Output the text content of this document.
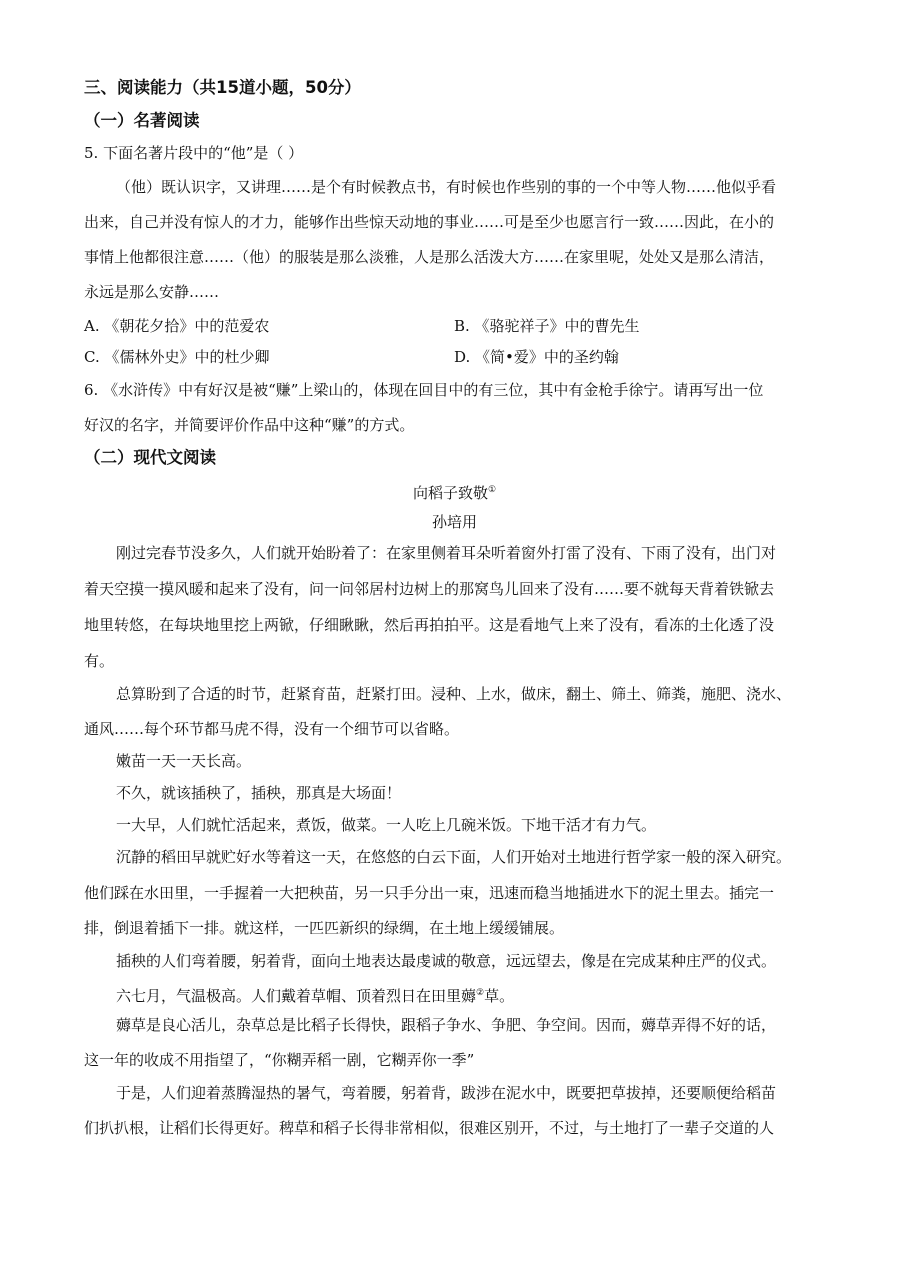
三、阅读能力（共15道小题，50分）
（一）名著阅读
5. 下面名著片段中的“他”是（ ）
（他）既认识字，又讲理……是个有时候教点书，有时候也作些别的事的一个中等人物……他似乎看
出来，自己并没有惊人的才力，能够作出些惊天动地的事业……可是至少也愿言行一致……因此，在小的
事情上他都很注意……（他）的服装是那么淡雅，人是那么活泼大方……在家里呢，处处又是那么清洁，
永远是那么安静……
A. 《朝花夕拾》中的范爱农	B. 《骆驼祥子》中的曹先生
C. 《儒林外史》中的杜少卿	D. 《简•爱》中的圣约翰
6. 《水浒传》中有好汉是被“赚”上梁山的，体现在回目中的有三位，其中有金枪手徐宁。请再写出一位
好汉的名字，并简要评价作品中这种“赚”的方式。
（二）现代文阅读
向稻子致敬①
孙培用
刚过完春节没多久，人们就开始盼着了：在家里侧着耳朵听着窗外打雷了没有、下雨了没有，出门对
着天空摸一摸风暖和起来了没有，问一问邻居村边树上的那窝鸟儿回来了没有……要不就每天背着铁锨去
地里转悠，在每块地里挖上两锨，仔细瞅瞅，然后再拍拍平。这是看地气上来了没有，看冻的土化透了没
有。
总算盼到了合适的时节，赶紧育苗，赶紧打田。浸种、上水，做床，翻土、筛土、筛粪，施肥、浇水、
通风……每个环节都马虎不得，没有一个细节可以省略。
嫩苗一天一天长高。
不久，就该插秧了，插秧，那真是大场面！
一大早，人们就忙活起来，煮饭，做菜。一人吃上几碗米饭。下地干活才有力气。
沉静的稻田早就贮好水等着这一天，在悠悠的白云下面，人们开始对土地进行哲学家一般的深入研究。
他们踩在水田里，一手握着一大把秧苗，另一只手分出一束，迅速而稳当地插进水下的泥土里去。插完一
排，倒退着插下一排。就这样，一匹匹新织的绿绸，在土地上缓缓铺展。
插秧的人们弯着腰，躬着背，面向土地表达最虔诚的敬意，远远望去，像是在完成某种庄严的仪式。
六七月，气温极高。人们戴着草帽、顶着烈日在田里薅②草。
薅草是良心活儿，杂草总是比稻子长得快，跟稻子争水、争肥、争空间。因而，薅草弄得不好的话，
这一年的收成不用指望了，“你糊弄稻一剧，它糊弄你一季”
于是，人们迎着蒸腾湿热的暑气，弯着腰，躬着背，跋涉在泥水中，既要把草拔掉，还要顺便给稻苗
们扒扒根，让稻们长得更好。稗草和稻子长得非常相似，很难区别开，不过，与土地打了一辈子交道的人
